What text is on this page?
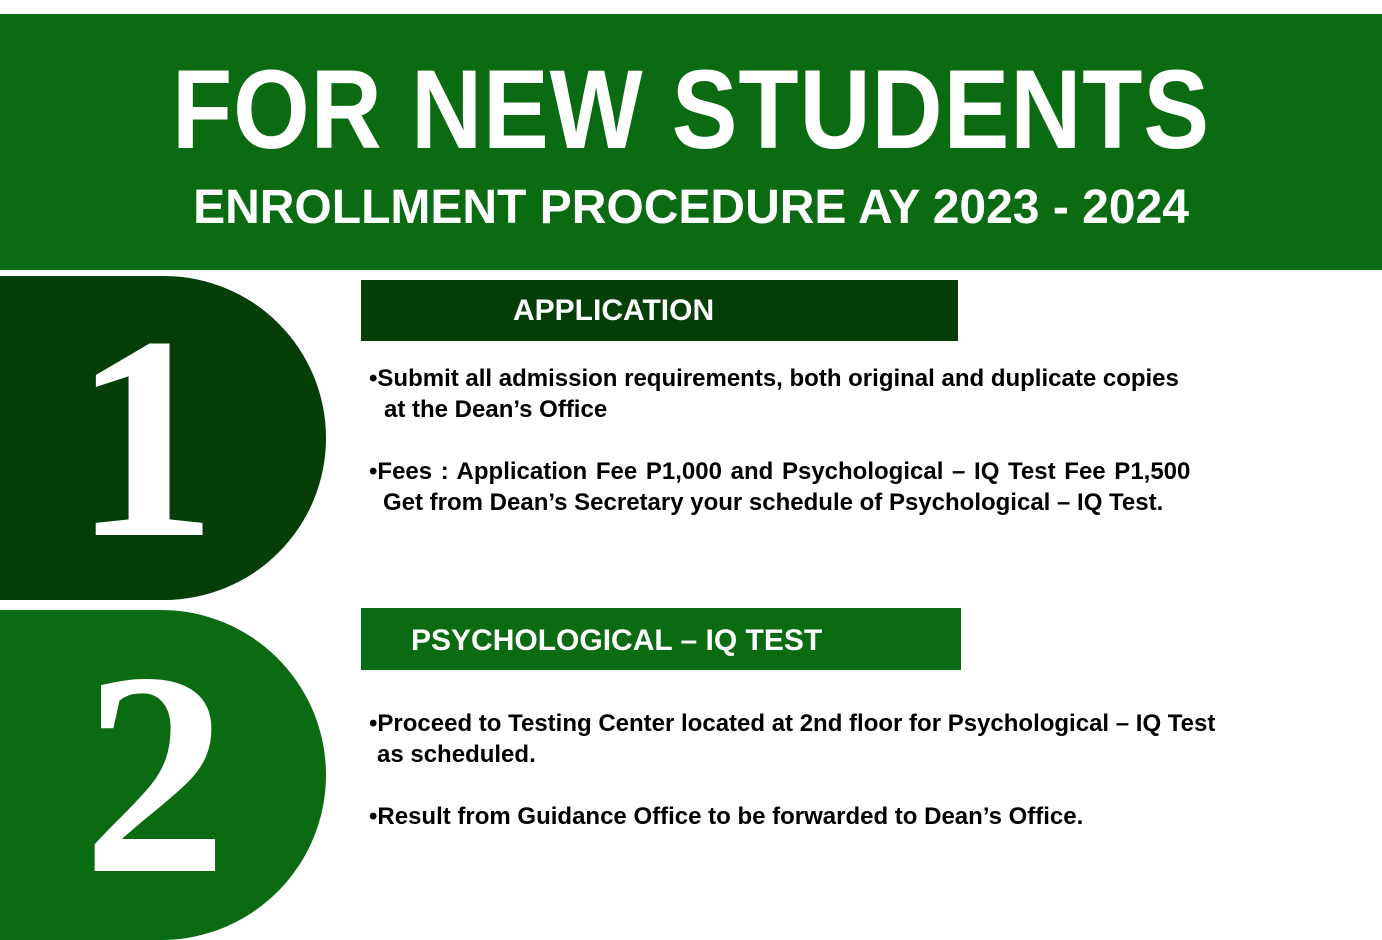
FOR NEW STUDENTS
ENROLLMENT PROCEDURE AY 2023 - 2024
1	APPLICATION

•Submit all admission requirements, both original and duplicate copies
at the Dean’s Office

•Fees : Application Fee P1,000 and Psychological – IQ Test Fee P1,500
Get from Dean’s Secretary your schedule of Psychological – IQ Test.

2	PSYCHOLOGICAL – IQ TEST

•Proceed to Testing Center located at 2nd floor for Psychological – IQ Test
as scheduled.

•Result from Guidance Office to be forwarded to Dean’s Office.
